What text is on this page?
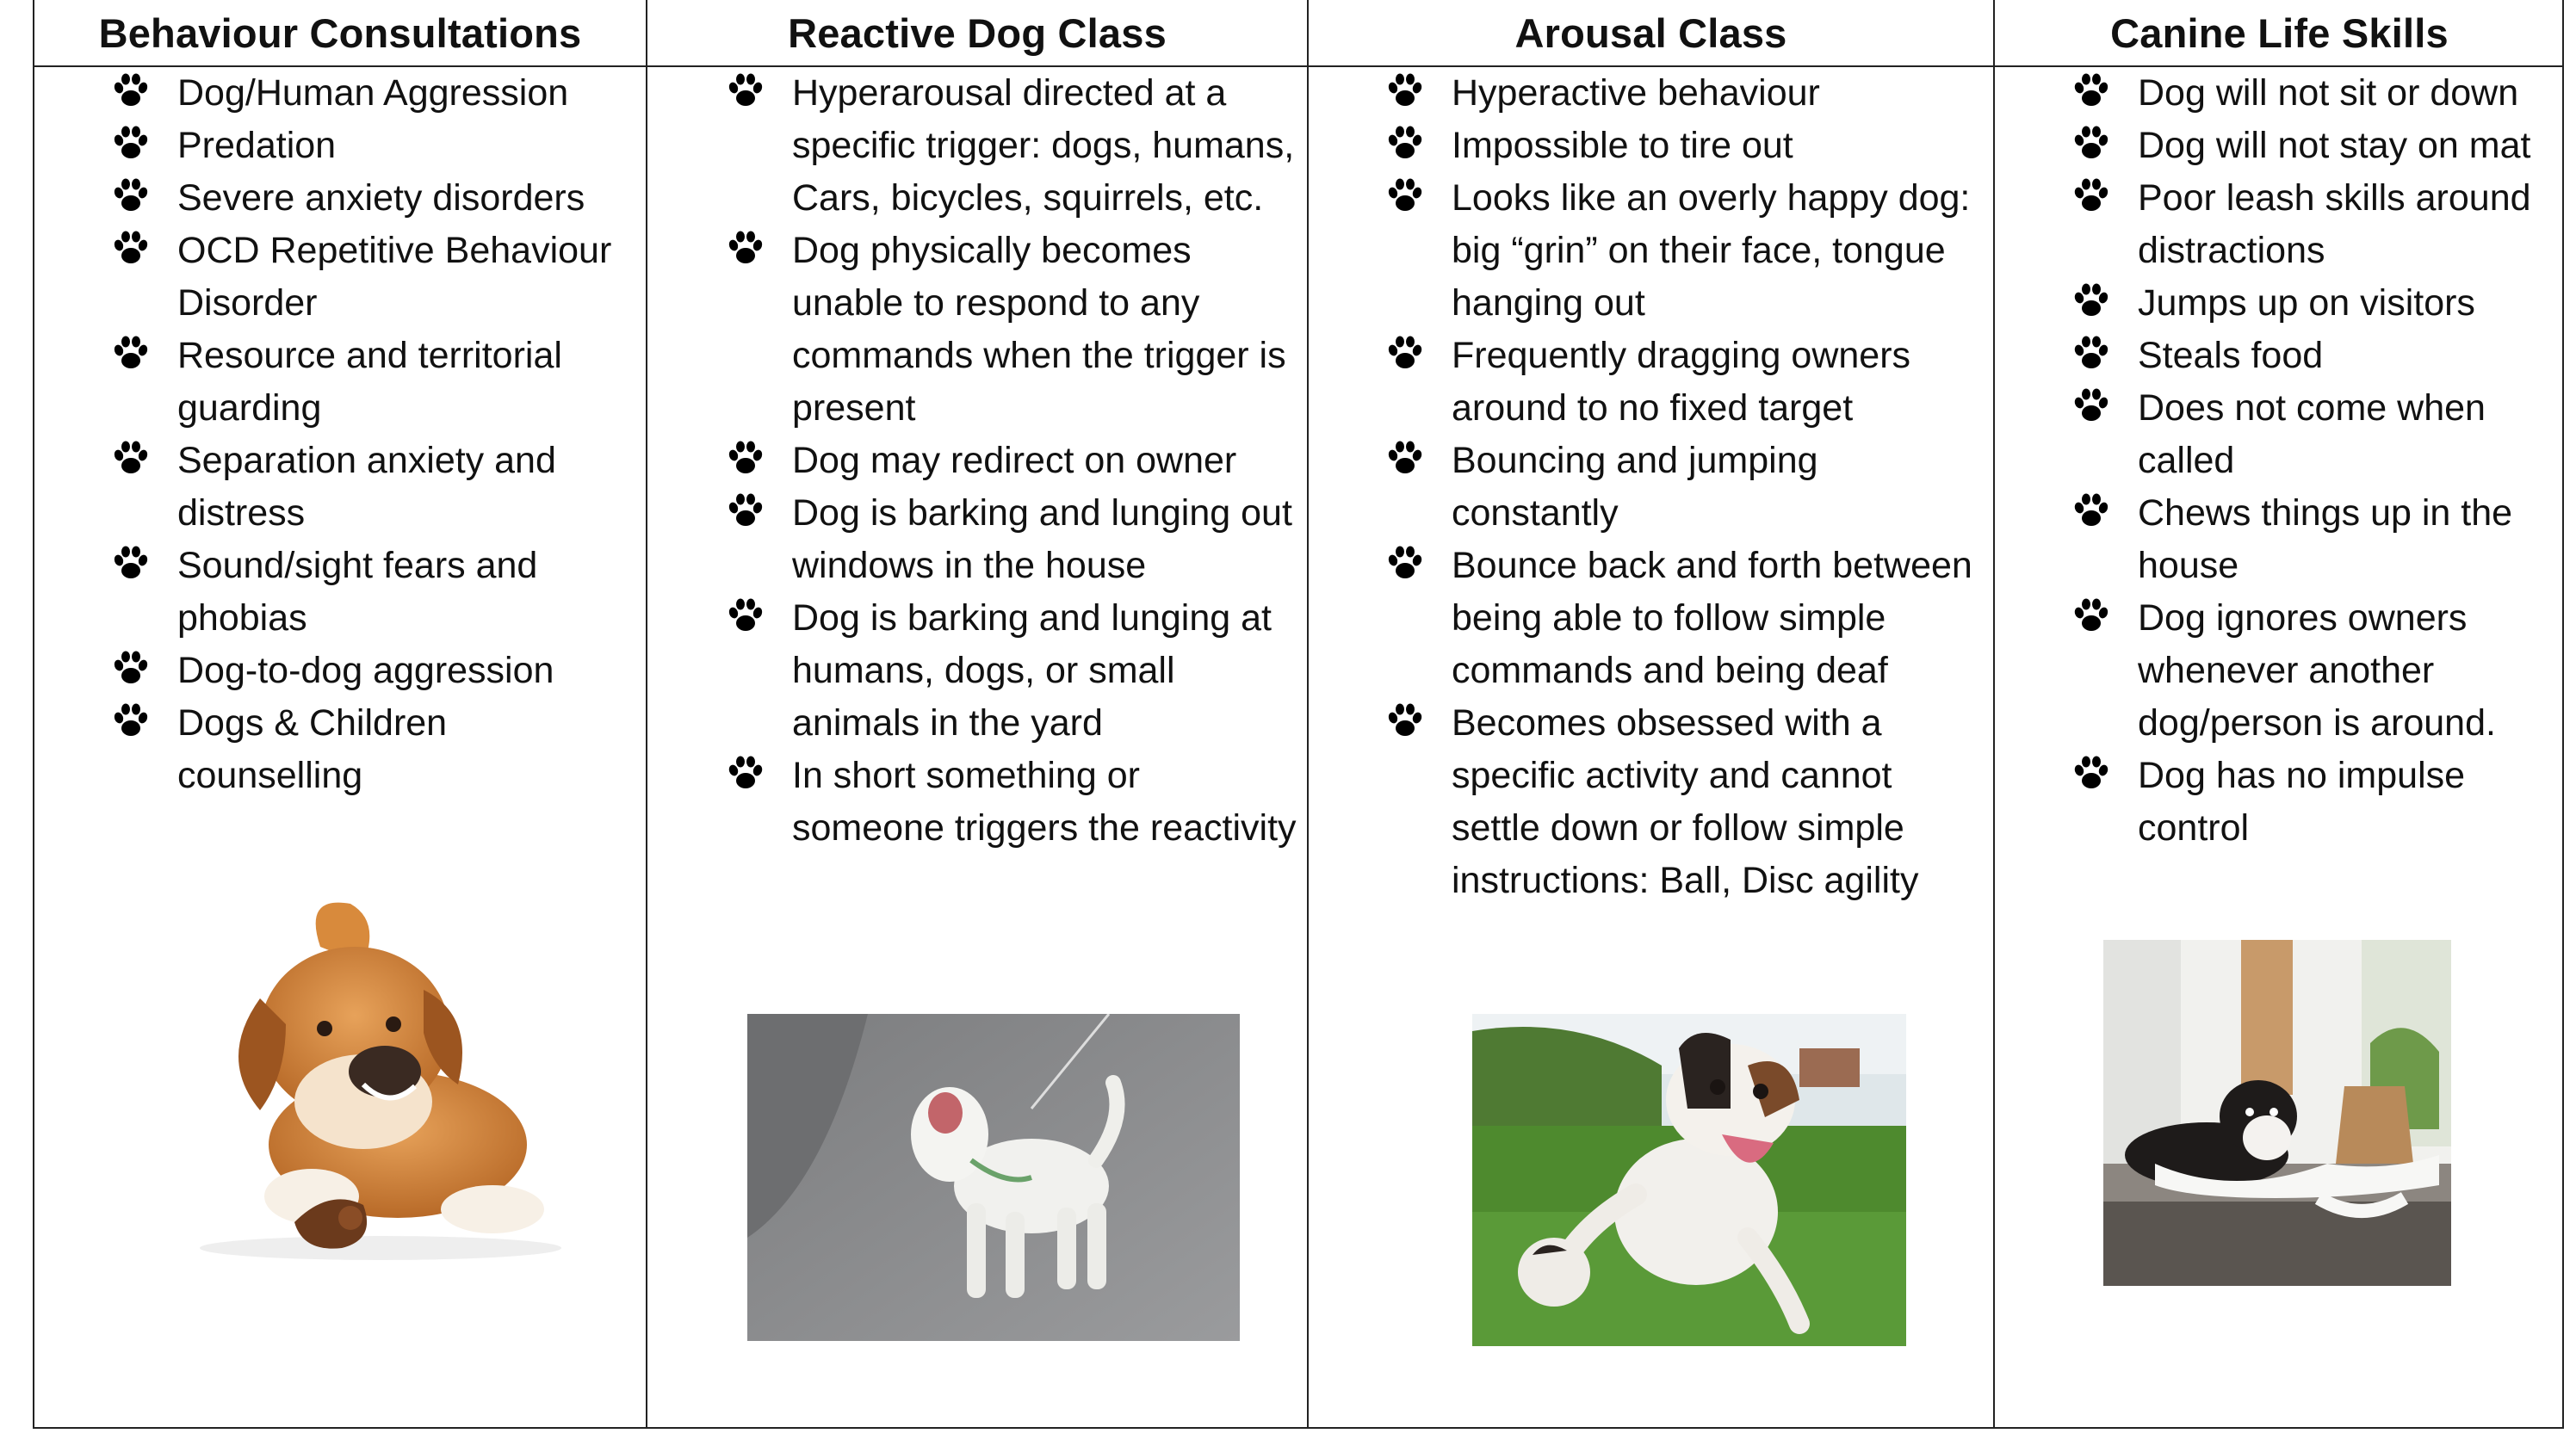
Behaviour Consultations
Dog/Human Aggression
Predation
Severe anxiety disorders
OCD Repetitive Behaviour Disorder
Resource and territorial guarding
Separation anxiety and distress
Sound/sight fears and phobias
Dog-to-dog aggression
Dogs & Children counselling
Reactive Dog Class
Hyperarousal directed at a specific trigger: dogs, humans, Cars, bicycles, squirrels, etc.
Dog physically becomes unable to respond to any commands when the trigger is present
Dog may redirect on owner
Dog is barking and lunging out windows in the house
Dog is barking and lunging at humans, dogs, or small animals in the yard
In short something or someone triggers the reactivity
Arousal Class
Hyperactive behaviour
Impossible to tire out
Looks like an overly happy dog: big “grin” on their face, tongue hanging out
Frequently dragging owners around to no fixed target
Bouncing and jumping constantly
Bounce back and forth between being able to follow simple commands and being deaf
Becomes obsessed with a specific activity and cannot settle down or follow simple instructions: Ball, Disc agility
Canine Life Skills
Dog will not sit or down
Dog will not stay on mat
Poor leash skills around distractions
Jumps up on visitors
Steals food
Does not come when called
Chews things up in the house
Dog ignores owners whenever another dog/person is around.
Dog has no impulse control
